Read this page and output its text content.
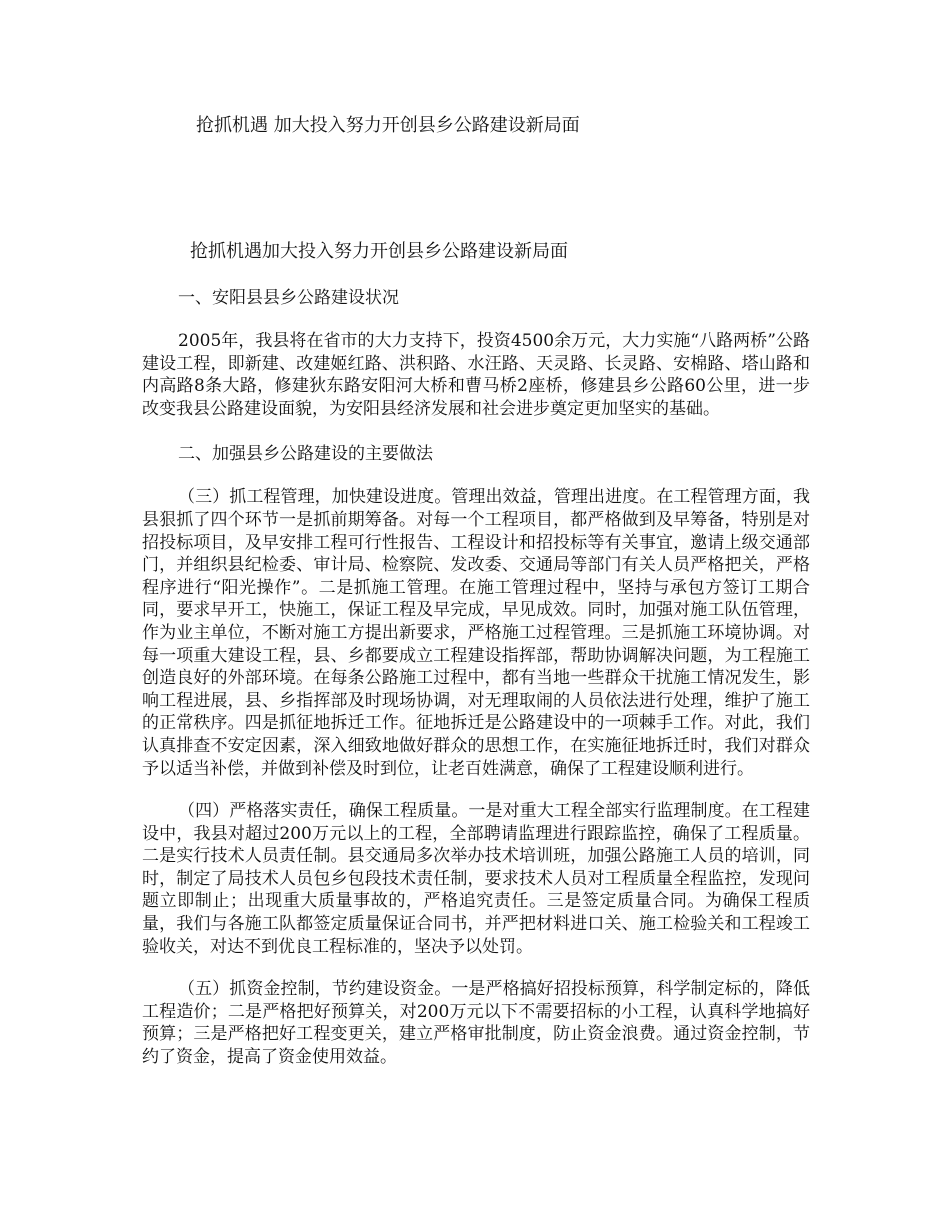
抢抓机遇 加大投入努力开创县乡公路建设新局面
抢抓机遇加大投入努力开创县乡公路建设新局面
一、安阳县县乡公路建设状况

2005年，我县将在省市的大力支持下，投资4500余万元，大力实施“八路两桥”公路建设工程，即新建、改建姬红路、洪积路、水汪路、天灵路、长灵路、安棉路、塔山路和内高路8条大路，修建狄东路安阳河大桥和曹马桥2座桥，修建县乡公路60公里，进一步改变我县公路建设面貌，为安阳县经济发展和社会进步奠定更加坚实的基础。

二、加强县乡公路建设的主要做法

（三）抓工程管理，加快建设进度。管理出效益，管理出进度。在工程管理方面，我县狠抓了四个环节一是抓前期筹备。对每一个工程项目，都严格做到及早筹备，特别是对招投标项目，及早安排工程可行性报告、工程设计和招投标等有关事宜，邀请上级交通部门，并组织县纪检委、审计局、检察院、发改委、交通局等部门有关人员严格把关，严格程序进行“阳光操作”。二是抓施工管理。在施工管理过程中，坚持与承包方签订工期合同，要求早开工，快施工，保证工程及早完成，早见成效。同时，加强对施工队伍管理，作为业主单位，不断对施工方提出新要求，严格施工过程管理。三是抓施工环境协调。对每一项重大建设工程，县、乡都要成立工程建设指挥部，帮助协调解决问题，为工程施工创造良好的外部环境。在每条公路施工过程中，都有当地一些群众干扰施工情况发生，影响工程进展，县、乡指挥部及时现场协调，对无理取闹的人员依法进行处理，维护了施工的正常秩序。四是抓征地拆迁工作。征地拆迁是公路建设中的一项棘手工作。对此，我们认真排查不安定因素，深入细致地做好群众的思想工作，在实施征地拆迁时，我们对群众予以适当补偿，并做到补偿及时到位，让老百姓满意，确保了工程建设顺利进行。

（四）严格落实责任，确保工程质量。一是对重大工程全部实行监理制度。在工程建设中，我县对超过200万元以上的工程，全部聘请监理进行跟踪监控，确保了工程质量。二是实行技术人员责任制。县交通局多次举办技术培训班，加强公路施工人员的培训，同时，制定了局技术人员包乡包段技术责任制，要求技术人员对工程质量全程监控，发现问题立即制止；出现重大质量事故的，严格追究责任。三是签定质量合同。为确保工程质量，我们与各施工队都签定质量保证合同书，并严把材料进口关、施工检验关和工程竣工验收关，对达不到优良工程标准的，坚决予以处罚。

（五）抓资金控制，节约建设资金。一是严格搞好招投标预算，科学制定标的，降低工程造价；二是严格把好预算关，对200万元以下不需要招标的小工程，认真科学地搞好预算；三是严格把好工程变更关，建立严格审批制度，防止资金浪费。通过资金控制，节约了资金，提高了资金使用效益。
